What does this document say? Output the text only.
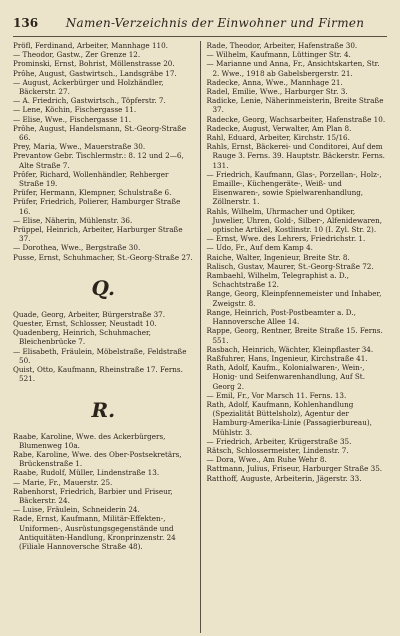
136	Namen-Verzeichnis der Einwohner und Firmen

Pröfl, Ferdinand, Arbeiter, Mannhage 110.

— Theodor, Gastw., Zer Grenze 12.

Prominski, Ernst, Bohrist, Möllenstrasse 20.

Prôhe, August, Gastwirtsch., Landsgräbe 17.

— August, Ackerbürger und Holzhändler, Bäckerstr. 27.

— A. Friedrich, Gastwirtsch., Töpferstr. 7.

— Lene, Köchin, Fischergasse 11.

— Elise, Wwe., Fischergasse 11.

Prôhe, August, Handelsmann, St.-Georg-Straße 66.

Prey, Maria, Wwe., Mauerstraße 30.

Prevantow Gebr. Tischlermstr.: 8. 12 und 2—6, Alte Straße 7.

Prôfer, Richard, Wollenhändler, Rehberger Straße 19.

Prüfer, Hermann, Klempner, Schulstraße 6.

Prüfer, Friedrich, Polierer, Hamburger Straße 16.

— Elise, Näherin, Mühlenstr. 36.

Prüppel, Heinrich, Arbeiter, Harburger Straße 37.

— Dorothea, Wwe., Bergstraße 30.

Pusse, Ernst, Schuhmacher, St.-Georg-Straße 27.

Q.

Quade, Georg, Arbeiter, Bürgerstraße 37.

Quester, Ernst, Schlosser, Neustadt 10.

Quadenberg, Heinrich, Schuhmacher, Bleichenbrücke 7.

— Elisabeth, Fräulein, Möbelstraße, Feldstraße 50.

Quist, Otto, Kaufmann, Rheinstraße 17. Ferns. 521.

R.

Raabe, Karoline, Wwe. des Ackerbürgers, Blumenweg 10a.

Rabe, Karoline, Wwe. des Ober-Postsekretärs, Brückenstraße 1.

Raabe, Rudolf, Müller, Lindenstraße 13.

— Marie, Fr., Mauerstr. 25.

Rabenhorst, Friedrich, Barbier und Friseur, Bäckerstr. 24.

— Luise, Fräulein, Schneiderin 24.

Rade, Ernst, Kaufmann, Militär-Effekten-, Uniformen-, Ausrüstungsgegenstände und Antiquitäten-Handlung, Kronprinzenstr. 24 (Filiale Hannoversche Straße 48).

Rade, Theodor, Arbeiter, Hafenstraße 30.

— Wilhelm, Kaufmann, Lüttinger Str. 4.

— Marianne und Anna, Fr., Ansichtskarten, Str. 2. Wwe., 1918 ab Gabelsbergerstr. 21.

Radecke, Anna, Wwe., Mannhage 21.

Radel, Emilie, Wwe., Harburger Str. 3.

Radicke, Lenie, Näherinmeisterin, Breite Straße 37.

Radecke, Georg, Wachsarbeiter, Hafenstraße 10.

Radecke, August, Verwalter, Am Plan 8.

Rahl, Eduard, Arbeiter, Kirchstr. 15/16.

Rahls, Ernst, Bäckerei- und Conditorei, Auf dem Rauge 3. Ferns. 39. Hauptstr. Bäckerstr. Ferns. 131.

— Friedrich, Kaufmann, Glas-, Porzellan-, Holz-, Emaille-, Küchengeräte-, Weiß- und Eisenwaren-, sowie Spielwarenhandlung, Zöllnerstr. 1.

Rahls, Wilhelm, Uhrmacher und Optiker, Juwelier, Uhren, Gold-, Silber-, Alfenidewaren, optische Artikel, Kostlinstr. 10 (I. Zyl. Str. 2).

— Ernst, Wwe. des Lehrers, Friedrichstr. 1.

— Udo, Fr., Auf dem Kamp 4.

Raiche, Walter, Ingenieur, Breite Str. 8.

Ralisch, Gustav, Maurer, St.-Georg-Straße 72.

Rambaehl, Wilhelm, Telegraphist a. D., Schachtstraße 12.

Range, Georg, Kleinpfennemeister und Inhaber, Zweigstr. 8.

Range, Heinrich, Post-Postbeamter a. D., Hannoversche Allee 14.

Rappe, Georg, Rentner, Breite Straße 15. Ferns. 551.

Rasbach, Heinrich, Wächter, Kleinpflaster 34.

Raßfuhrer, Hans, Ingenieur, Kirchstraße 41.

Rath, Adolf, Kaufm., Kolonialwaren-, Wein-, Honig- und Seifenwarenhandlung, Auf St. Georg 2.

— Emil, Fr., Vor Marsch 11. Ferns. 13.

Rath, Adolf, Kaufmann, Kohlenhandlung (Spezialität Büttelsholz), Agentur der Hamburg-Amerika-Linie (Passagierbureau), Mühlstr. 3.

— Friedrich, Arbeiter, Krügerstraße 35.

Rätsch, Schlossermeister, Lindenstr. 7.

— Dora, Wwe., Am Ruhe Wehr 8.

Rattmann, Julius, Friseur, Harburger Straße 35.

Ratthoff, Auguste, Arbeiterin, Jägerstr. 33.
